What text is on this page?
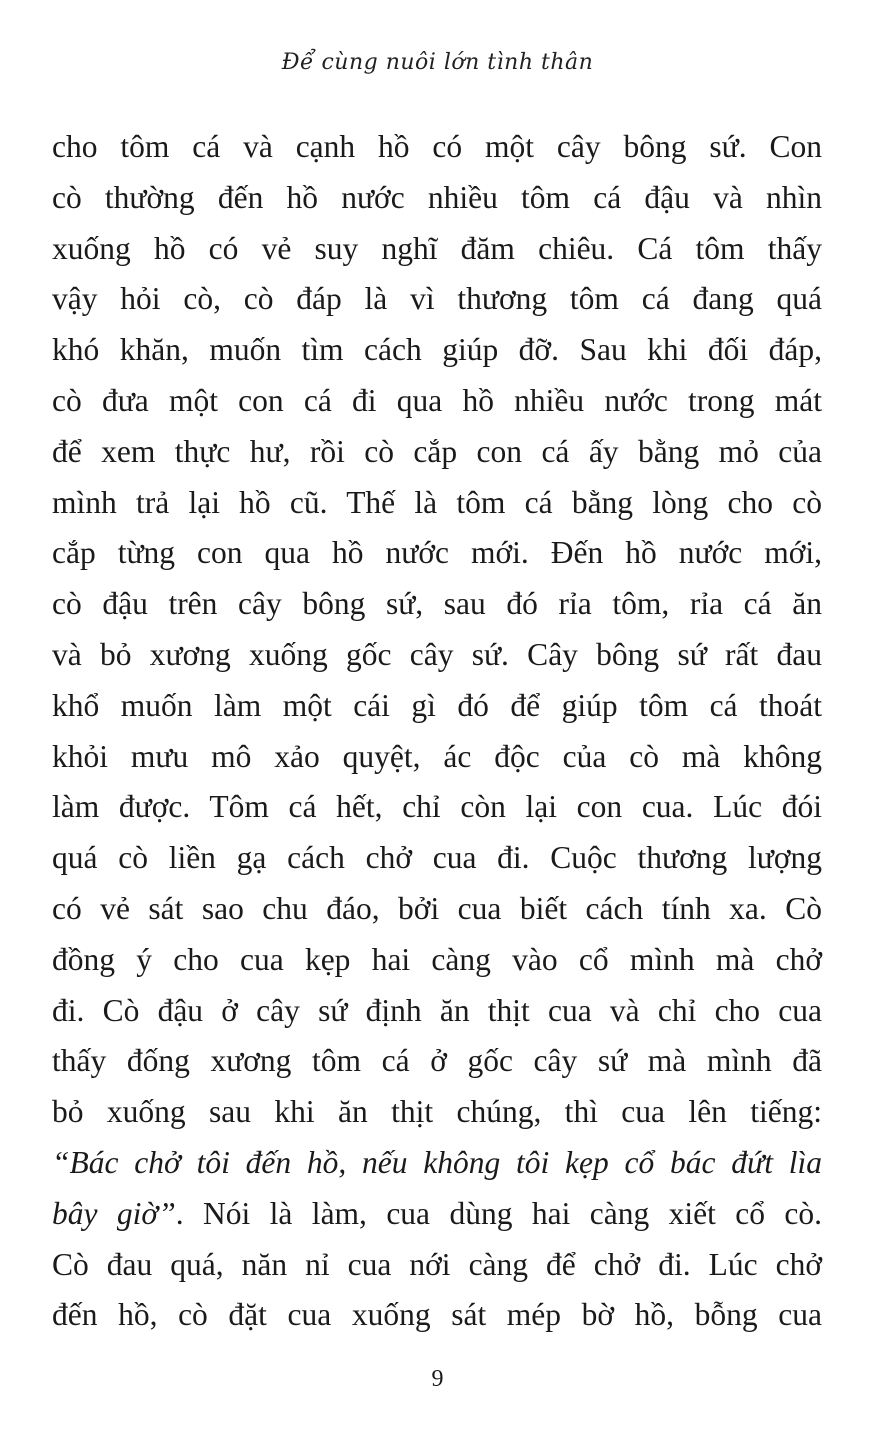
Để cùng nuôi lớn tình thân
cho tôm cá và cạnh hồ có một cây bông sứ. Con
cò thường đến hồ nước nhiều tôm cá đậu và nhìn
xuống hồ có vẻ suy nghĩ đăm chiêu. Cá tôm thấy
vậy hỏi cò, cò đáp là vì thương tôm cá đang quá
khó khăn, muốn tìm cách giúp đỡ. Sau khi đối đáp,
cò đưa một con cá đi qua hồ nhiều nước trong mát
để xem thực hư, rồi cò cắp con cá ấy bằng mỏ của
mình trả lại hồ cũ. Thế là tôm cá bằng lòng cho cò
cắp từng con qua hồ nước mới. Đến hồ nước mới,
cò đậu trên cây bông sứ, sau đó rỉa tôm, rỉa cá ăn
và bỏ xương xuống gốc cây sứ. Cây bông sứ rất đau
khổ muốn làm một cái gì đó để giúp tôm cá thoát
khỏi mưu mô xảo quyệt, ác độc của cò mà không
làm được. Tôm cá hết, chỉ còn lại con cua. Lúc đói
quá cò liền gạ cách chở cua đi. Cuộc thương lượng
có vẻ sát sao chu đáo, bởi cua biết cách tính xa. Cò
đồng ý cho cua kẹp hai càng vào cổ mình mà chở
đi. Cò đậu ở cây sứ định ăn thịt cua và chỉ cho cua
thấy đống xương tôm cá ở gốc cây sứ mà mình đã
bỏ xuống sau khi ăn thịt chúng, thì cua lên tiếng:
“Bác chở tôi đến hồ, nếu không tôi kẹp cổ bác đứt lìa
bây giờ”. Nói là làm, cua dùng hai càng xiết cổ cò.
Cò đau quá, năn nỉ cua nới càng để chở đi. Lúc chở
đến hồ, cò đặt cua xuống sát mép bờ hồ, bỗng cua
9
